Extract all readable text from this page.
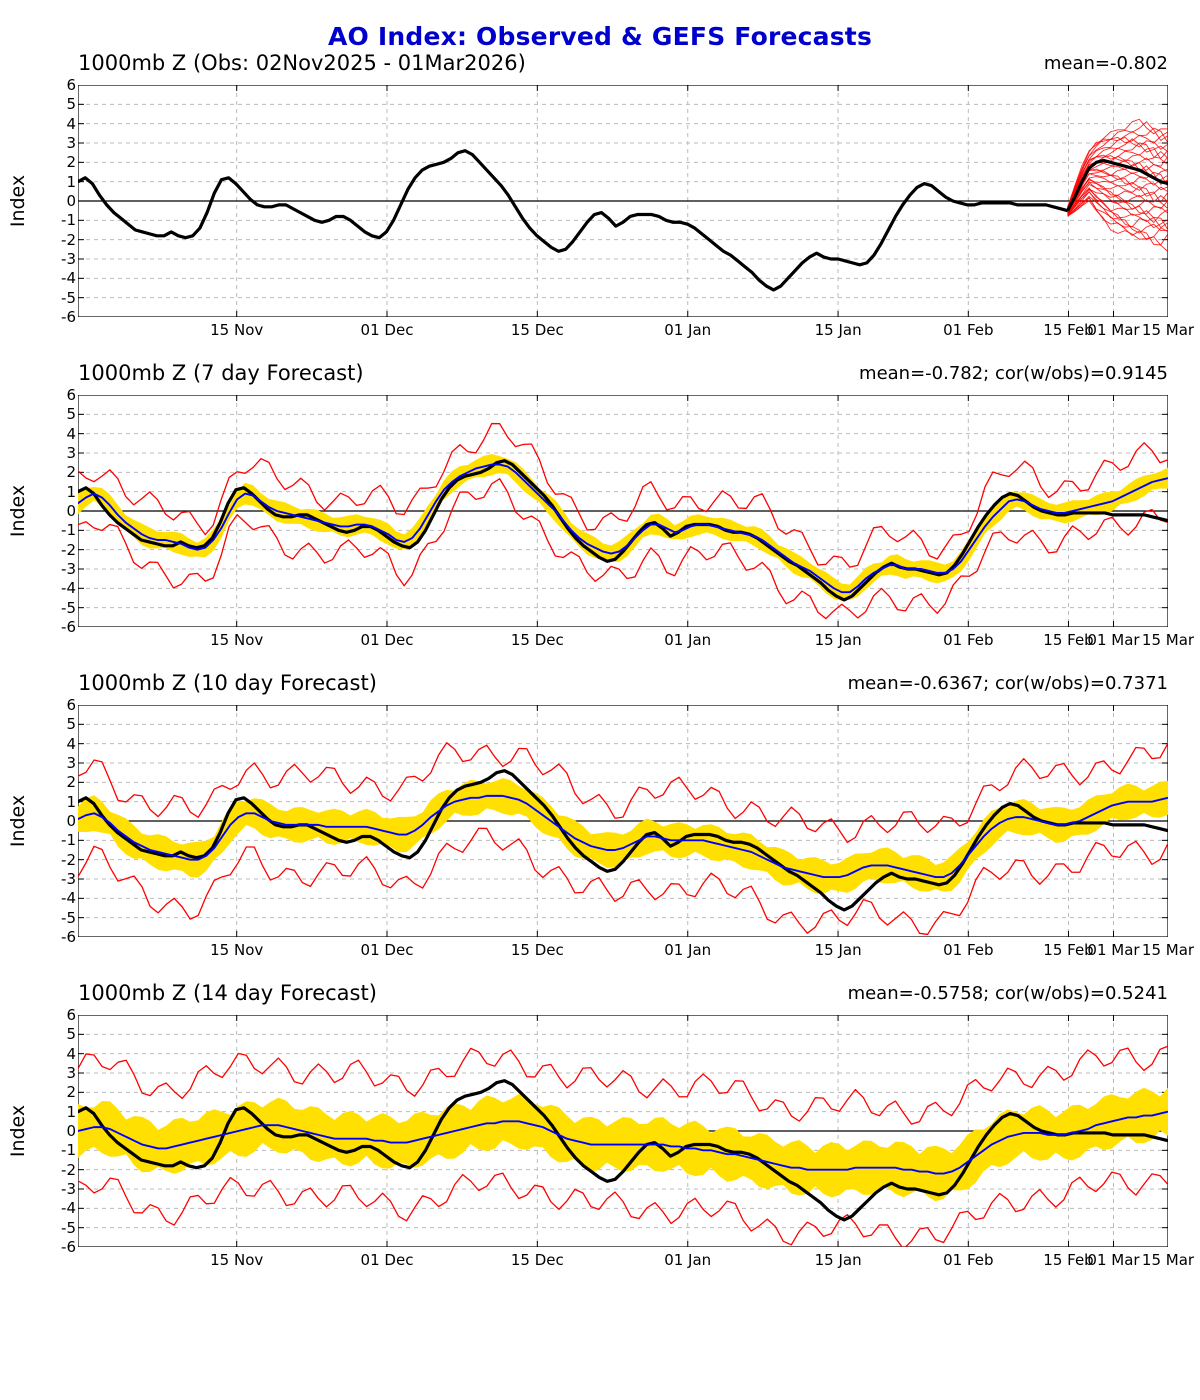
AO Index: Observed & GEFS Forecasts
1000mb Z (Obs: 02Nov2025 - 01Mar2026)	mean=-0.802
Index
6
5
4
3
2
1
0
-1
-2
-3
-4
-5
-6
15 Nov	01 Dec	15 Dec	01 Jan	15 Jan	01 Feb	15 Feb
01 Mar 15 Mar
1000mb Z (7 day Forecast)	mean=-0.782; cor(w/obs)=0.9145
Index
6
5
4
3
2
1
0
-1
-2
-3
-4
-5
-6
15 Nov	01 Dec	15 Dec	01 Jan	15 Jan	01 Feb	15 Feb
01 Mar 15 Mar
1000mb Z (10 day Forecast)	mean=-0.6367; cor(w/obs)=0.7371
Index
6
5
4
3
2
1
0
-1
-2
-3
-4
-5
-6
15 Nov	01 Dec	15 Dec	01 Jan	15 Jan	01 Feb	15 Feb
01 Mar 15 Mar
1000mb Z (14 day Forecast)	mean=-0.5758; cor(w/obs)=0.5241
Index
6
5
4
3
2
1
0
-1
-2
-3
-4
-5
-6
15 Nov	01 Dec	15 Dec	01 Jan	15 Jan	01 Feb	15 Feb
01 Mar 15 Mar
